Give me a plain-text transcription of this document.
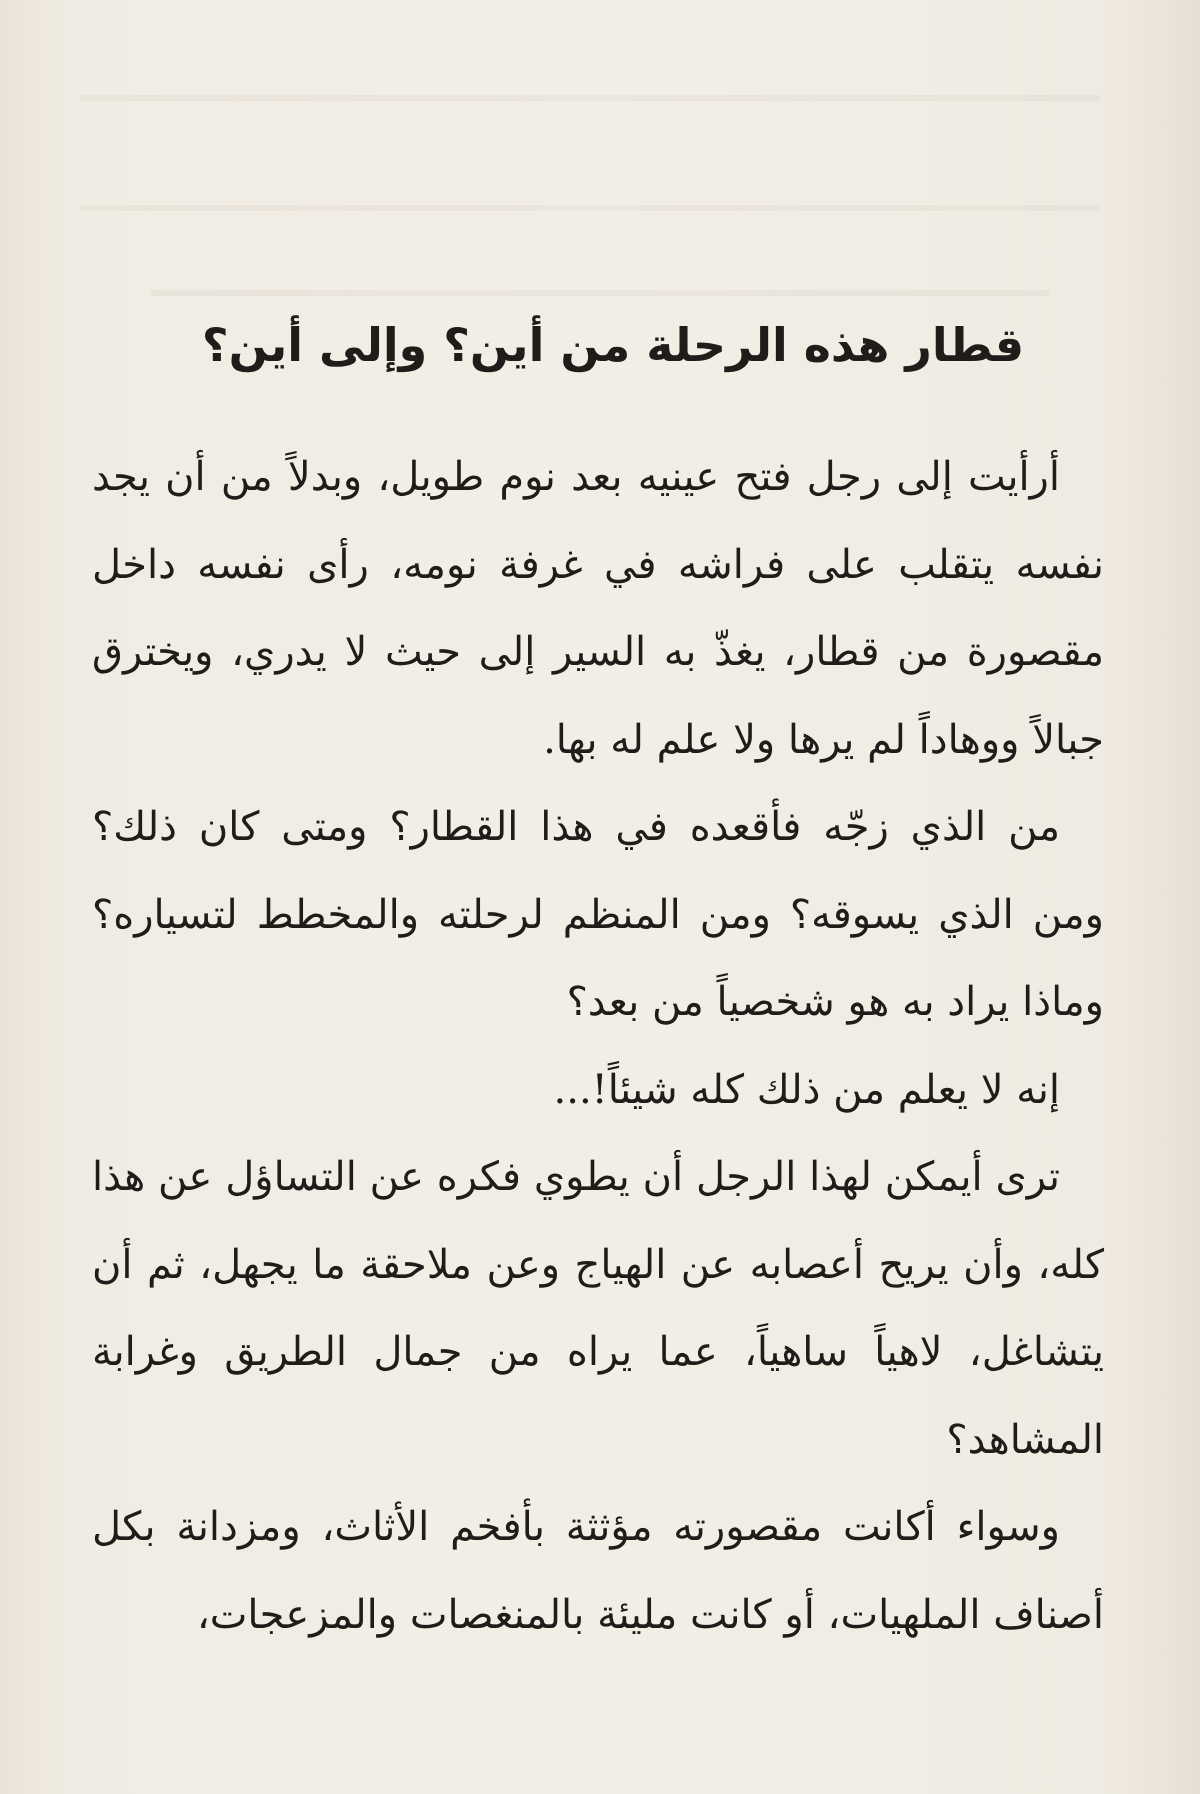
قطار هذه الرحلة من أين؟ وإلى أين؟

أرأيت إلى رجل فتح عينيه بعد نوم طويل، وبدلاً من أن يجد نفسه يتقلب على فراشه في غرفة نومه، رأى نفسه داخل مقصورة من قطار، يغذّ به السير إلى حيث لا يدري، ويخترق جبالاً ووهاداً لم يرها ولا علم له بها.

من الذي زجّه فأقعده في هذا القطار؟ ومتى كان ذلك؟ ومن الذي يسوقه؟ ومن المنظم لرحلته والمخطط لتسياره؟ وماذا يراد به هو شخصياً من بعد؟

إنه لا يعلم من ذلك كله شيئاً!...

ترى أيمكن لهذا الرجل أن يطوي فكره عن التساؤل عن هذا كله، وأن يريح أعصابه عن الهياج وعن ملاحقة ما يجهل، ثم أن يتشاغل، لاهياً ساهياً، عما يراه من جمال الطريق وغرابة المشاهد؟

وسواء أكانت مقصورته مؤثثة بأفخم الأثاث، ومزدانة بكل أصناف الملهيات، أو كانت مليئة بالمنغصات والمزعجات،
